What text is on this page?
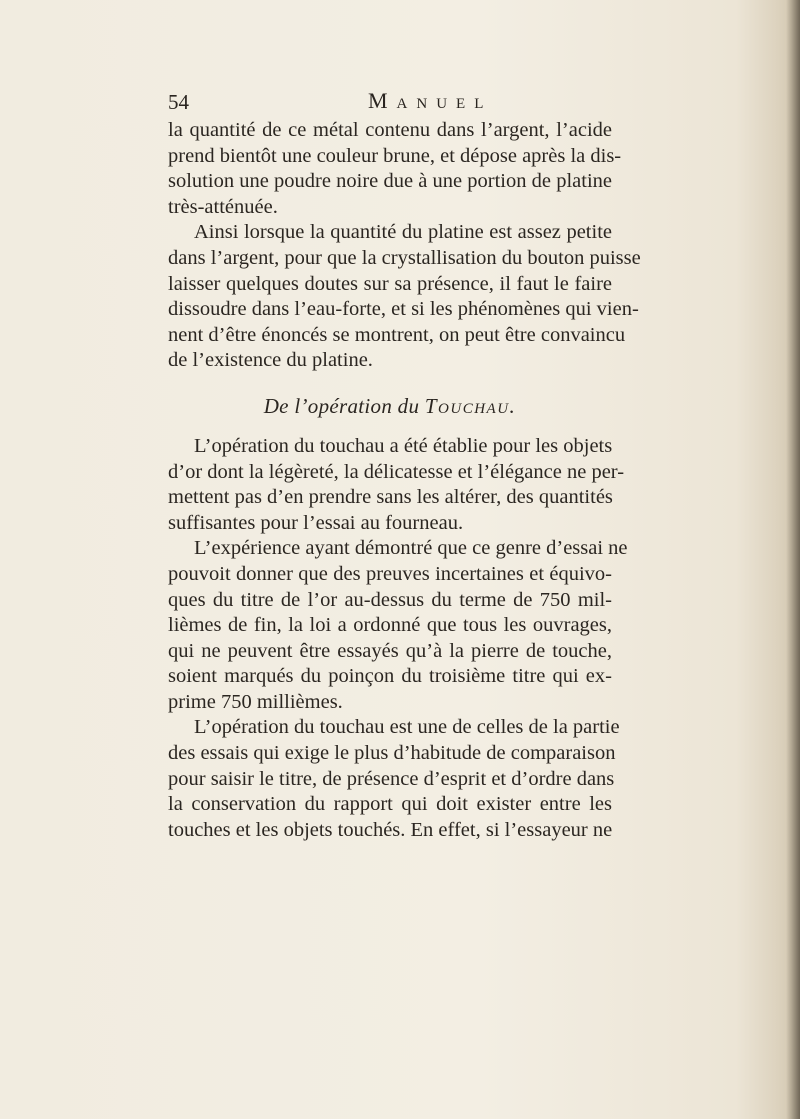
54	Manuel
la quantité de ce métal contenu dans l’argent, l’acide
prend bientôt une couleur brune, et dépose après la dis-
solution une poudre noire due à une portion de platine
très-atténuée.
Ainsi lorsque la quantité du platine est assez petite
dans l’argent, pour que la crystallisation du bouton puisse
laisser quelques doutes sur sa présence, il faut le faire
dissoudre dans l’eau-forte, et si les phénomènes qui vien-
nent d’être énoncés se montrent, on peut être convaincu
de l’existence du platine.
De l’opération du Touchau.
L’opération du touchau a été établie pour les objets
d’or dont la légèreté, la délicatesse et l’élégance ne per-
mettent pas d’en prendre sans les altérer, des quantités
suffisantes pour l’essai au fourneau.
L’expérience ayant démontré que ce genre d’essai ne
pouvoit donner que des preuves incertaines et équivo-
ques du titre de l’or au-dessus du terme de 750 mil-
lièmes de fin, la loi a ordonné que tous les ouvrages,
qui ne peuvent être essayés qu’à la pierre de touche,
soient marqués du poinçon du troisième titre qui ex-
prime 750 millièmes.
L’opération du touchau est une de celles de la partie
des essais qui exige le plus d’habitude de comparaison
pour saisir le titre, de présence d’esprit et d’ordre dans
la conservation du rapport qui doit exister entre les
touches et les objets touchés. En effet, si l’essayeur ne
